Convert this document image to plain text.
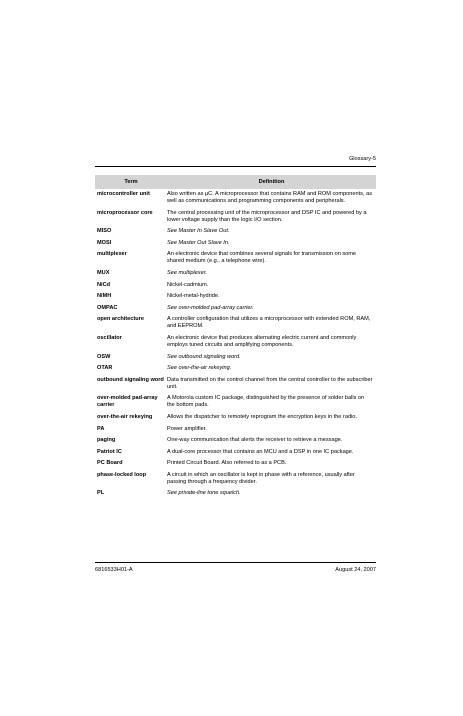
Glossary-5
Term	Definition
microcontroller unit	Also written as µC. A microprocessor that contains RAM and ROM components, as well as communications and programming components and peripherals.
microprocessor core	The central processing unit of the microprocessor and DSP IC and powered by a lower voltage supply than the logic I/O section.
MISO	See Master In Slave Out.
MOSI	See Master Out Slave In.
multiplexer	An electronic device that combines several signals for transmission on some shared medium (e.g., a telephone wire).
MUX	See multiplexer.
NiCd	Nickel-cadmium.
NiMH	Nickel-metal-hydride.
OMPAC	See over-molded pad-array carrier.
open architecture	A controller configuration that utilizes a microprocessor with extended ROM, RAM, and EEPROM.
oscillator	An electronic device that produces alternating electric current and commonly employs tuned circuits and amplifying components.
OSW	See outbound signaling word.
OTAR	See over-the-air rekeying.
outbound signaling word	Data transmitted on the control channel from the central controller to the subscriber unit.
over-molded pad-array carrier	A Motorola custom IC package, distinguished by the presence of solder balls on the bottom pads.
over-the-air rekeying	Allows the dispatcher to remotely reprogram the encryption keys in the radio.
PA	Power amplifier.
paging	One-way communication that alerts the receiver to retrieve a message.
Patriot IC	A dual-core processor that contains an MCU and a DSP in one IC package.
PC Board	Printed Circuit Board. Also referred to as a PCB.
phase-locked loop	A circuit in which an oscillator is kept in phase with a reference, usually after passing through a frequency divider.
PL	See private-line tone squelch.
6816533H01-A	August 24, 2007
